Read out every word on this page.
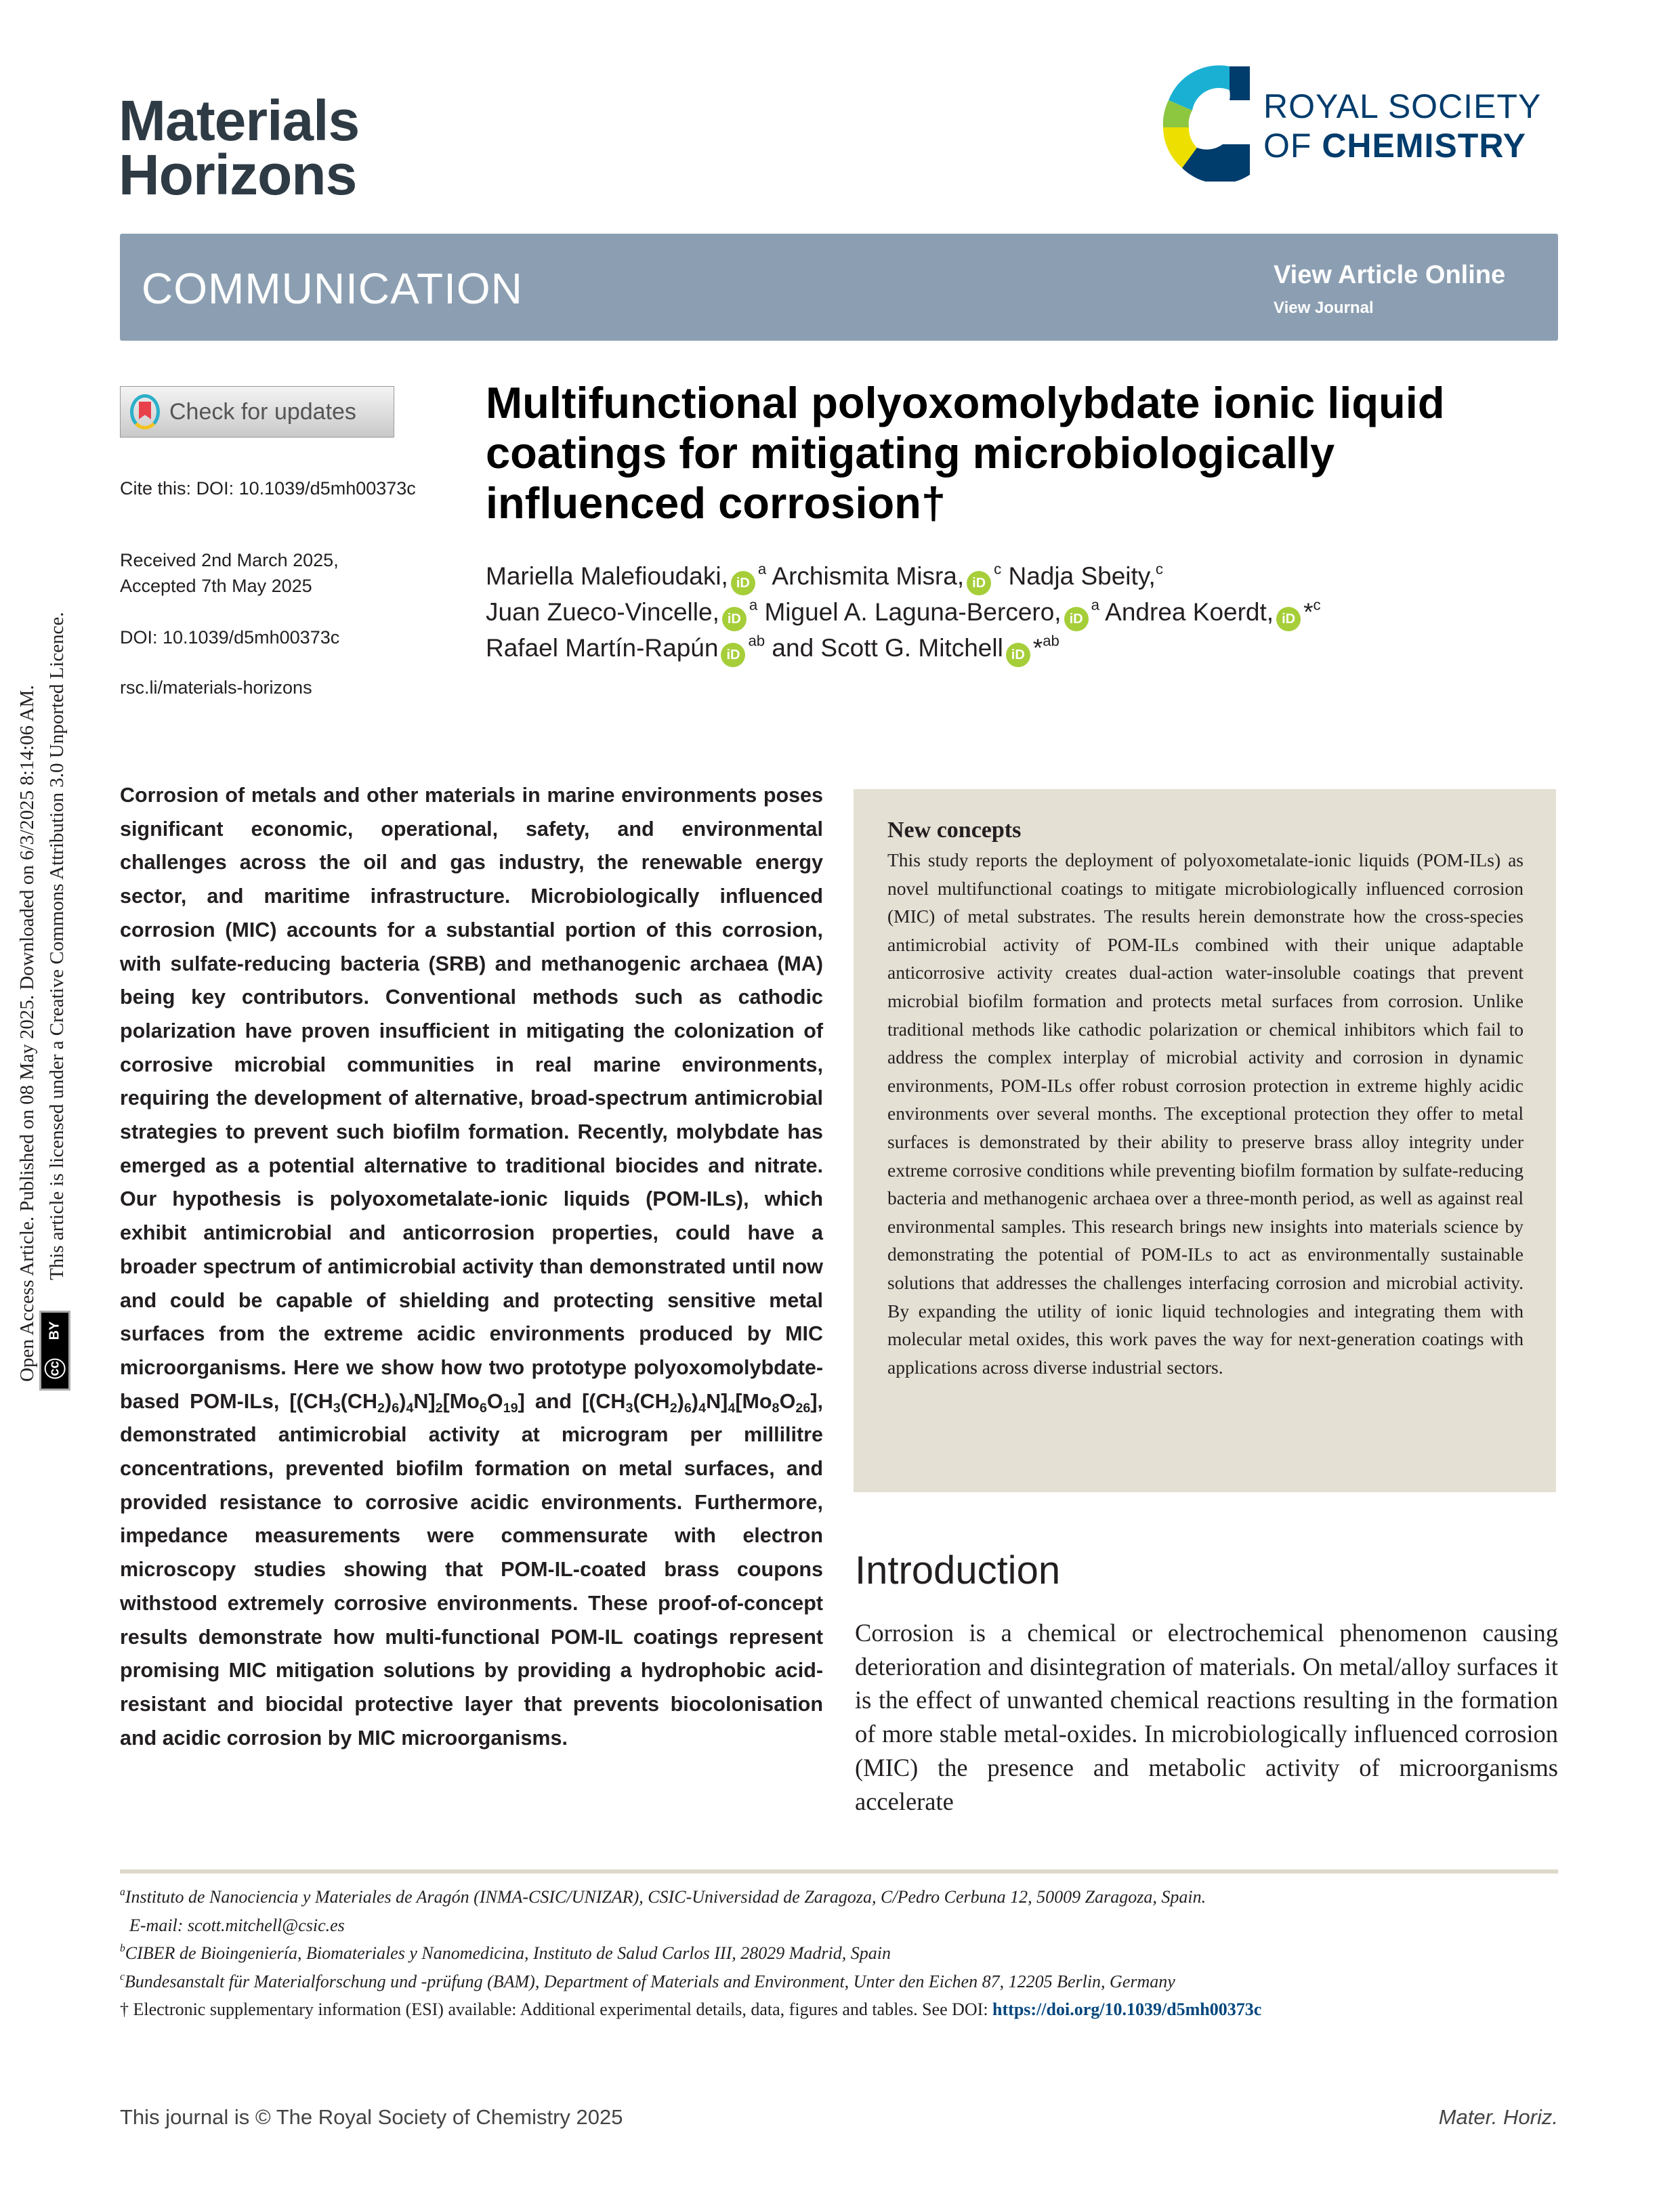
Materials
Horizons
ROYAL SOCIETY
OF CHEMISTRY
COMMUNICATION	View Article Online
View Journal
Check for updates
Cite this: DOI: 10.1039/d5mh00373c
Received 2nd March 2025,
Accepted 7th May 2025
DOI: 10.1039/d5mh00373c
rsc.li/materials-horizons
Multifunctional polyoxomolybdate ionic liquid coatings for mitigating microbiologically influenced corrosion†
Mariella Malefioudaki, $iD^a$ Archismita Misra, $iD^c$ Nadja Sbeity,$^c$
Juan Zueco-Vincelle, $iD^a$ Miguel A. Laguna-Bercero, $iD^a$ Andrea Koerdt, iD *$^c$
Rafael Martín-Rapún $iD^{ab}$ and Scott G. Mitchell iD *$^{ab}$
Corrosion of metals and other materials in marine environments poses significant economic, operational, safety, and environmental challenges across the oil and gas industry, the renewable energy sector, and maritime infrastructure. Microbiologically influenced corrosion (MIC) accounts for a substantial portion of this corrosion, with sulfate-reducing bacteria (SRB) and methanogenic archaea (MA) being key contributors. Conventional methods such as cathodic polarization have proven insufficient in mitigating the colonization of corrosive microbial communities in real marine environments, requiring the development of alternative, broad-spectrum antimicrobial strategies to prevent such biofilm formation. Recently, molybdate has emerged as a potential alternative to traditional biocides and nitrate. Our hypothesis is polyoxometalate-ionic liquids (POM-ILs), which exhibit antimicrobial and anticorrosion properties, could have a broader spectrum of antimicrobial activity than demonstrated until now and could be capable of shielding and protecting sensitive metal surfaces from the extreme acidic environments produced by MIC microorganisms. Here we show how two prototype polyoxomolybdate-based POM-ILs, $[(CH_3(CH_2)_6)_4N]_2[Mo_6O_{19}]$ and $[(CH_3(CH_2)_6)_4N]_4[Mo_8O_{26}]$, demonstrated antimicrobial activity at microgram per millilitre concentrations, prevented biofilm formation on metal surfaces, and provided resistance to corrosive acidic environments. Furthermore, impedance measurements were commensurate with electron microscopy studies showing that POM-IL-coated brass coupons withstood extremely corrosive environments. These proof-of-concept results demonstrate how multi-functional POM-IL coatings represent promising MIC mitigation solutions by providing a hydrophobic acid-resistant and biocidal protective layer that prevents biocolonisation and acidic corrosion by MIC microorganisms.
New concepts

This study reports the deployment of polyoxometalate-ionic liquids (POM-ILs) as novel multifunctional coatings to mitigate microbiologically influenced corrosion (MIC) of metal substrates. The results herein demonstrate how the cross-species antimicrobial activity of POM-ILs combined with their unique adaptable anticorrosive activity creates dual-action water-insoluble coatings that prevent microbial biofilm formation and protects metal surfaces from corrosion. Unlike traditional methods like cathodic polarization or chemical inhibitors which fail to address the complex interplay of microbial activity and corrosion in dynamic environments, POM-ILs offer robust corrosion protection in extreme highly acidic environments over several months. The exceptional protection they offer to metal surfaces is demonstrated by their ability to preserve brass alloy integrity under extreme corrosive conditions while preventing biofilm formation by sulfate-reducing bacteria and methanogenic archaea over a three-month period, as well as against real environmental samples. This research brings new insights into materials science by demonstrating the potential of POM-ILs to act as environmentally sustainable solutions that addresses the challenges interfacing corrosion and microbial activity. By expanding the utility of ionic liquid technologies and integrating them with molecular metal oxides, this work paves the way for next-generation coatings with applications across diverse industrial sectors.

Introduction

Corrosion is a chemical or electrochemical phenomenon causing deterioration and disintegration of materials. On metal/alloy surfaces it is the effect of unwanted chemical reactions resulting in the formation of more stable metal-oxides. In microbiologically influenced corrosion (MIC) the presence and metabolic activity of microorganisms accelerate

$^a$Instituto de Nanociencia y Materiales de Aragón (INMA-CSIC/UNIZAR), CSIC-Universidad de Zaragoza, C/Pedro Cerbuna 12, 50009 Zaragoza, Spain.
E-mail: scott.mitchell@csic.es
$^b$CIBER de Bioingeniería, Biomateriales y Nanomedicina, Instituto de Salud Carlos III, 28029 Madrid, Spain
$^c$Bundesanstalt für Materialforschung und -prüfung (BAM), Department of Materials and Environment, Unter den Eichen 87, 12205 Berlin, Germany
† Electronic supplementary information (ESI) available: Additional experimental details, data, figures and tables. See DOI: https://doi.org/10.1039/d5mh00373c
This journal is © The Royal Society of Chemistry 2025	Mater. Horiz.
Open Access Article. Published on 08 May 2025. Downloaded on 6/3/2025 8:14:06 AM. This article is licensed under a Creative Commons Attribution 3.0 Unported Licence.
BY
cc
